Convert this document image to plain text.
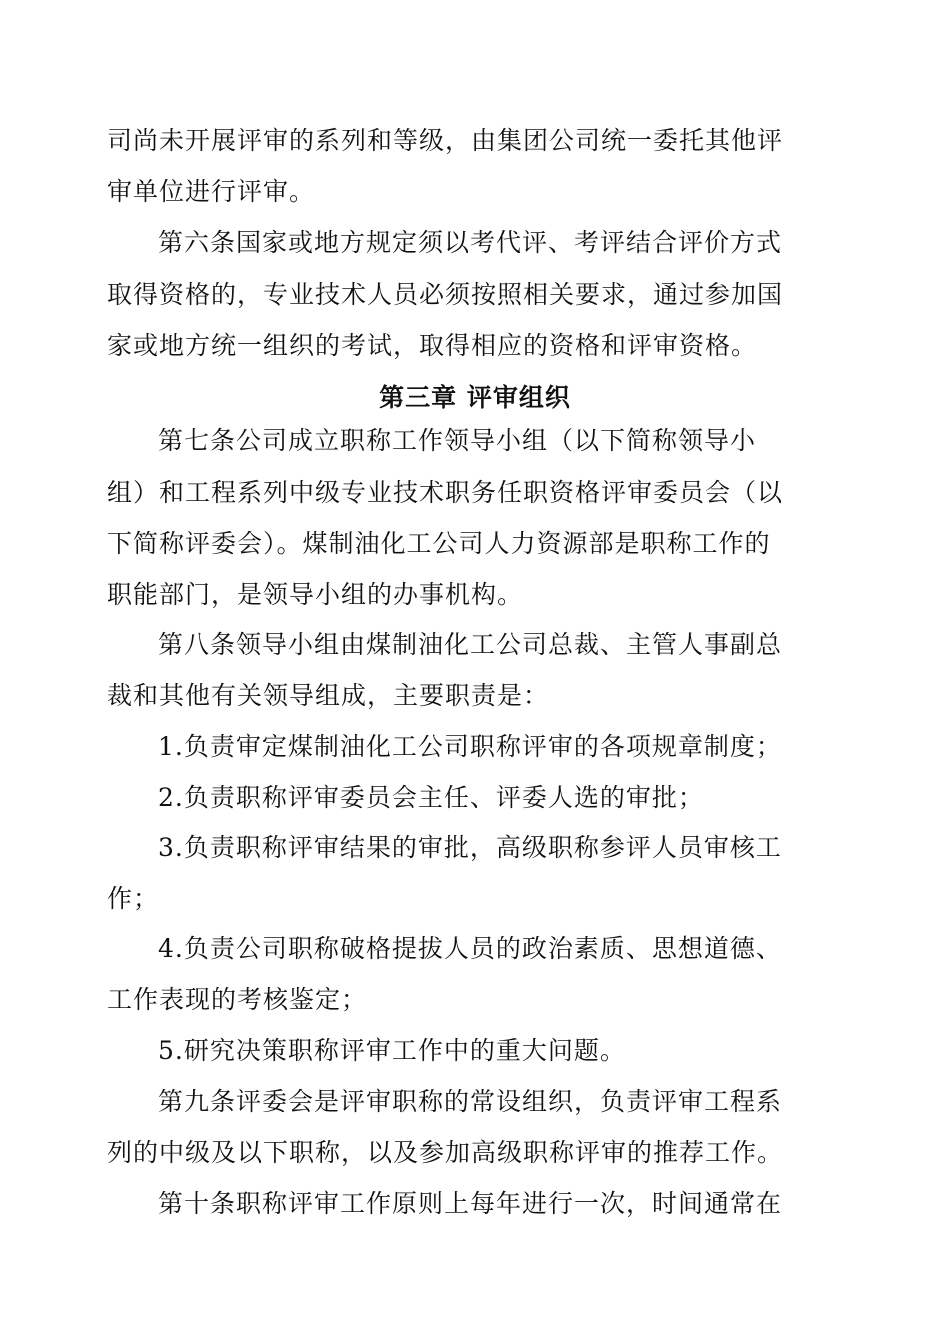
司尚未开展评审的系列和等级，由集团公司统一委托其他评
审单位进行评审。
第六条国家或地方规定须以考代评、考评结合评价方式
取得资格的，专业技术人员必须按照相关要求，通过参加国
家或地方统一组织的考试，取得相应的资格和评审资格。
第三章 评审组织
第七条公司成立职称工作领导小组（以下简称领导小
组）和工程系列中级专业技术职务任职资格评审委员会（以
下简称评委会）。煤制油化工公司人力资源部是职称工作的
职能部门，是领导小组的办事机构。
第八条领导小组由煤制油化工公司总裁、主管人事副总
裁和其他有关领导组成，主要职责是：
1.负责审定煤制油化工公司职称评审的各项规章制度；
2.负责职称评审委员会主任、评委人选的审批；
3.负责职称评审结果的审批，高级职称参评人员审核工
作；
4.负责公司职称破格提拔人员的政治素质、思想道德、
工作表现的考核鉴定；
5.研究决策职称评审工作中的重大问题。
第九条评委会是评审职称的常设组织，负责评审工程系
列的中级及以下职称，以及参加高级职称评审的推荐工作。
第十条职称评审工作原则上每年进行一次，时间通常在
